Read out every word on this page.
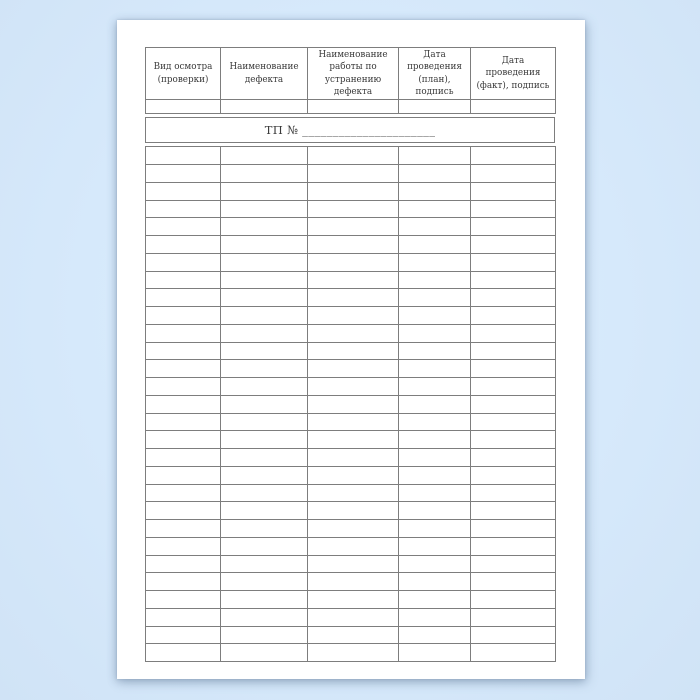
Вид осмотра (проверки)	Наименование дефекта	Наименование работы по устранению дефекта	Дата проведения (план), подпись	Дата проведения (факт), подпись

ТП № ______________________
